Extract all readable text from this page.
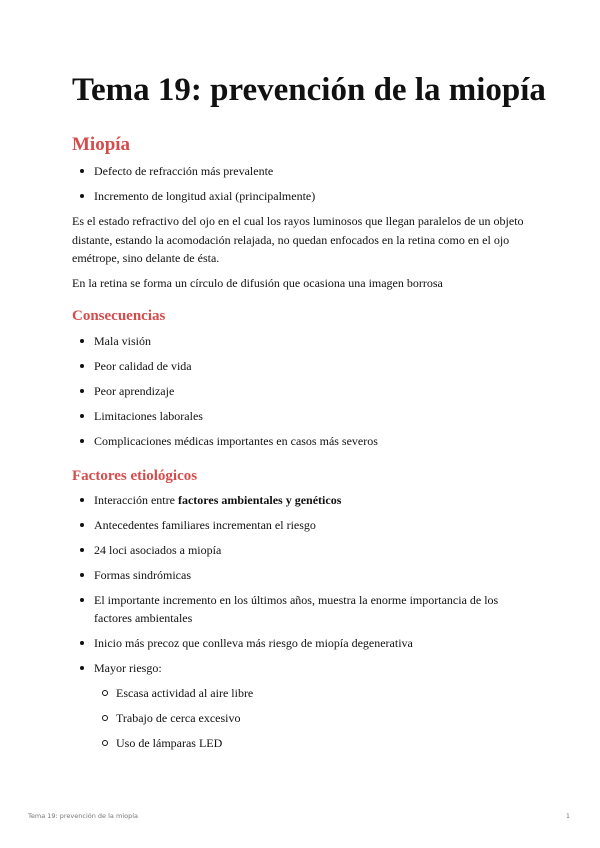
Tema 19: prevención de la miopía
Miopía
Defecto de refracción más prevalente
Incremento de longitud axial (principalmente)

Es el estado refractivo del ojo en el cual los rayos luminosos que llegan paralelos de un objeto distante, estando la acomodación relajada, no quedan enfocados en la retina como en el ojo emétrope, sino delante de ésta.

En la retina se forma un círculo de difusión que ocasiona una imagen borrosa

Consecuencias
Mala visión
Peor calidad de vida
Peor aprendizaje
Limitaciones laborales
Complicaciones médicas importantes en casos más severos
Factores etiológicos
Interacción entre factores ambientales y genéticos
Antecedentes familiares incrementan el riesgo
24 loci asociados a miopía
Formas sindrómicas
El importante incremento en los últimos años, muestra la enorme importancia de los factores ambientales
Inicio más precoz que conlleva más riesgo de miopía degenerativa
Mayor riesgo:
Escasa actividad al aire libre
Trabajo de cerca excesivo
Uso de lámparas LED
Tema 19: prevención de la miopía	1
